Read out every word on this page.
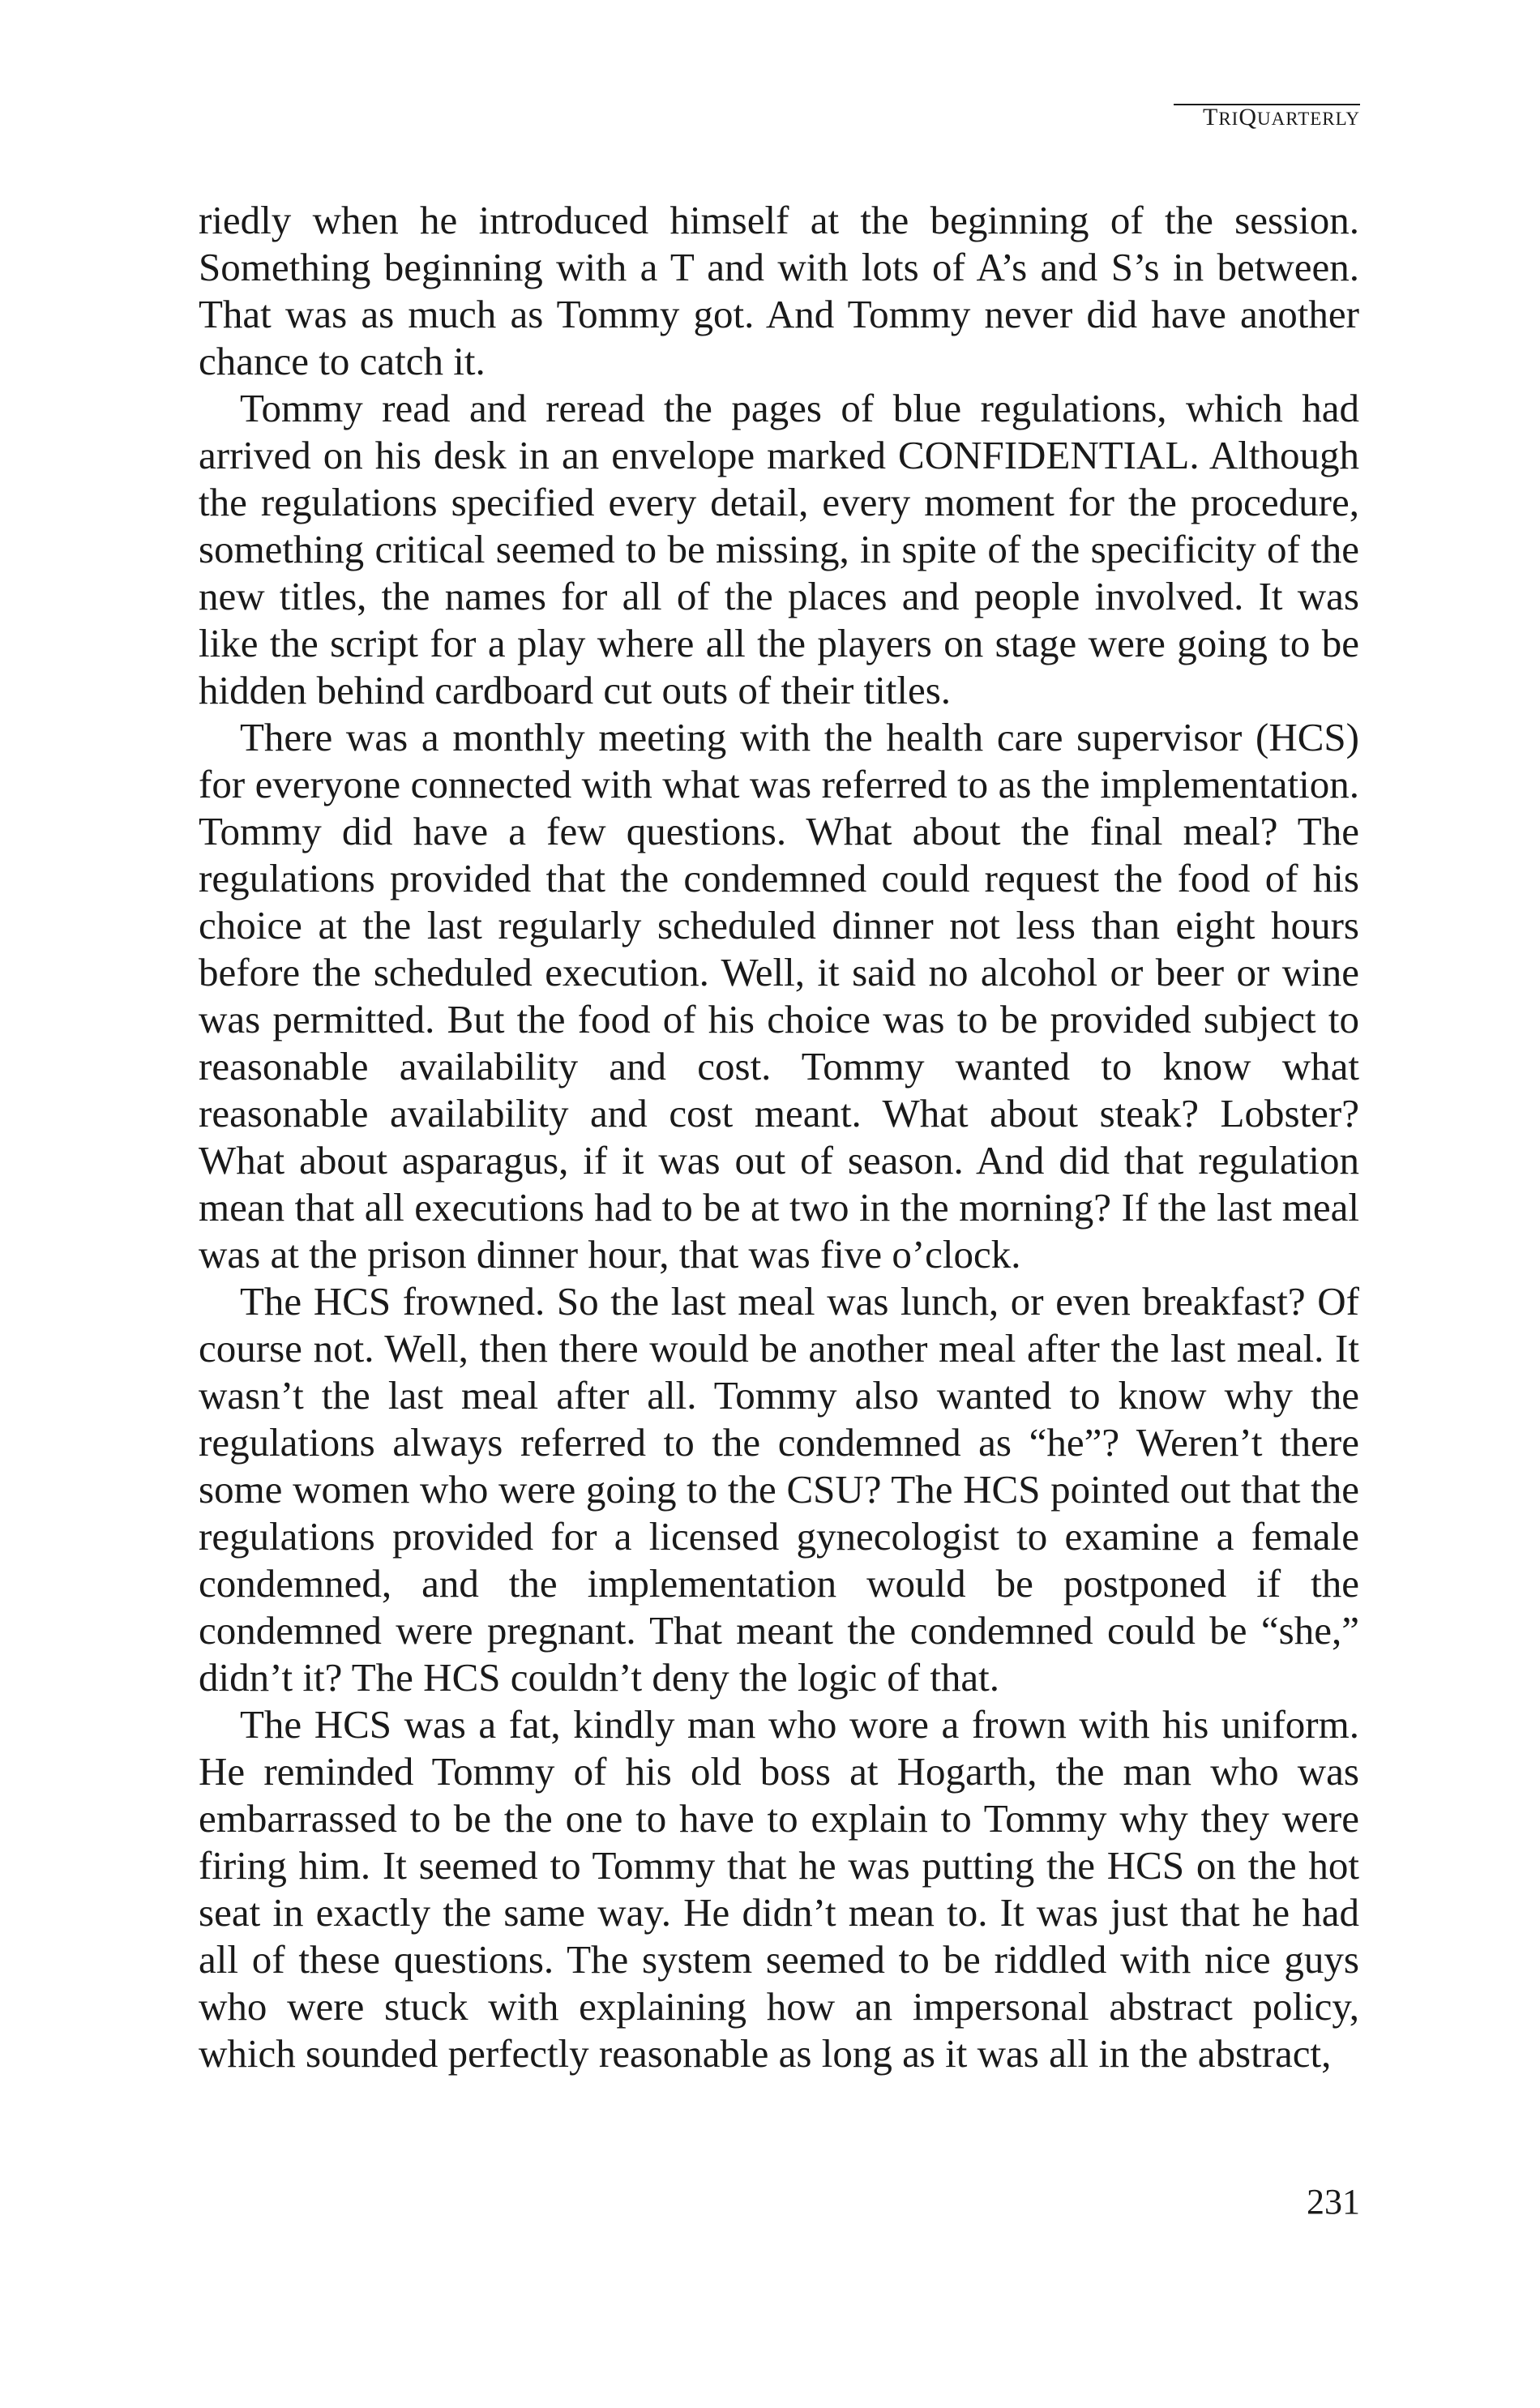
TRIQUARTERLY

riedly when he introduced himself at the beginning of the session. Something beginning with a T and with lots of A’s and S’s in between. That was as much as Tommy got. And Tommy never did have another chance to catch it.

Tommy read and reread the pages of blue regulations, which had arrived on his desk in an envelope marked CONFIDENTIAL. Although the regulations specified every detail, every moment for the procedure, something critical seemed to be missing, in spite of the specificity of the new titles, the names for all of the places and people involved. It was like the script for a play where all the players on stage were going to be hidden behind cardboard cut outs of their titles.

There was a monthly meeting with the health care supervisor (HCS) for everyone connected with what was referred to as the implementation. Tommy did have a few questions. What about the final meal? The regulations provided that the condemned could request the food of his choice at the last regularly scheduled dinner not less than eight hours before the scheduled execution. Well, it said no alcohol or beer or wine was permitted. But the food of his choice was to be provided subject to reasonable availability and cost. Tommy wanted to know what reasonable availability and cost meant. What about steak? Lobster? What about asparagus, if it was out of season. And did that regulation mean that all executions had to be at two in the morning? If the last meal was at the prison dinner hour, that was five o’clock.

The HCS frowned. So the last meal was lunch, or even breakfast? Of course not. Well, then there would be another meal after the last meal. It wasn’t the last meal after all. Tommy also wanted to know why the regulations always referred to the condemned as “he”? Weren’t there some women who were going to the CSU? The HCS pointed out that the regulations provided for a licensed gynecologist to examine a female condemned, and the implementation would be postponed if the condemned were pregnant. That meant the condemned could be “she,” didn’t it? The HCS couldn’t deny the logic of that.

The HCS was a fat, kindly man who wore a frown with his uniform. He reminded Tommy of his old boss at Hogarth, the man who was embarrassed to be the one to have to explain to Tommy why they were firing him. It seemed to Tommy that he was putting the HCS on the hot seat in exactly the same way. He didn’t mean to. It was just that he had all of these questions. The system seemed to be riddled with nice guys who were stuck with explaining how an impersonal abstract policy, which sounded perfectly reasonable as long as it was all in the abstract,

231
